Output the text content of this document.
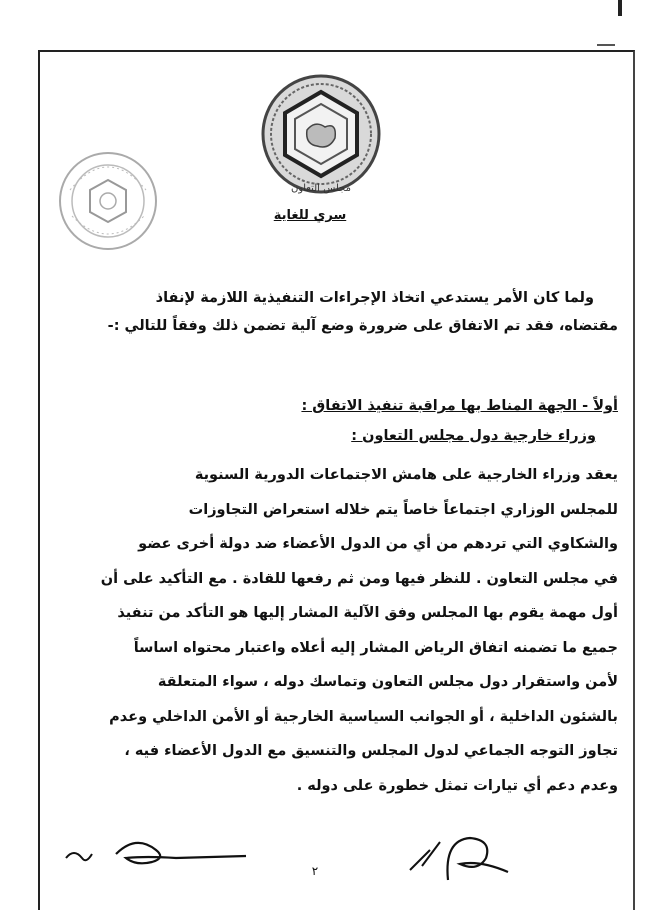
مجلس التعاون
سري للغاية

ولما كان الأمر يستدعي اتخاذ الإجراءات التنفيذية اللازمة لإنفاذ

مقتضاه، فقد تم الاتفاق على ضرورة وضع آلية تضمن ذلك وفقاً للتالي :-

أولاً - الجهة المناط بها مراقبة تنفيذ الاتفاق :

وزراء خارجية دول مجلس التعاون :

يعقد وزراء الخارجية على هامش الاجتماعات الدورية السنوية
للمجلس الوزاري اجتماعاً خاصاً يتم خلاله استعراض التجاوزات
والشكاوي التي تردهم من أي من الدول الأعضاء ضد دولة أخرى عضو
في مجلس التعاون . للنظر فيها ومن ثم رفعها للقادة . مع التأكيد على أن
أول مهمة يقوم بها المجلس وفق الآلية المشار إليها هو التأكد من تنفيذ
جميع ما تضمنه اتفاق الرياض المشار إليه أعلاه واعتبار محتواه اساساً
لأمن واستقرار دول مجلس التعاون وتماسك دوله ، سواء المتعلقة
بالشئون الداخلية ، أو الجوانب السياسية الخارجية أو الأمن الداخلي وعدم
تجاوز التوجه الجماعي لدول المجلس والتنسيق مع الدول الأعضاء فيه ،
وعدم دعم أي تيارات تمثل خطورة على دوله .
٢
